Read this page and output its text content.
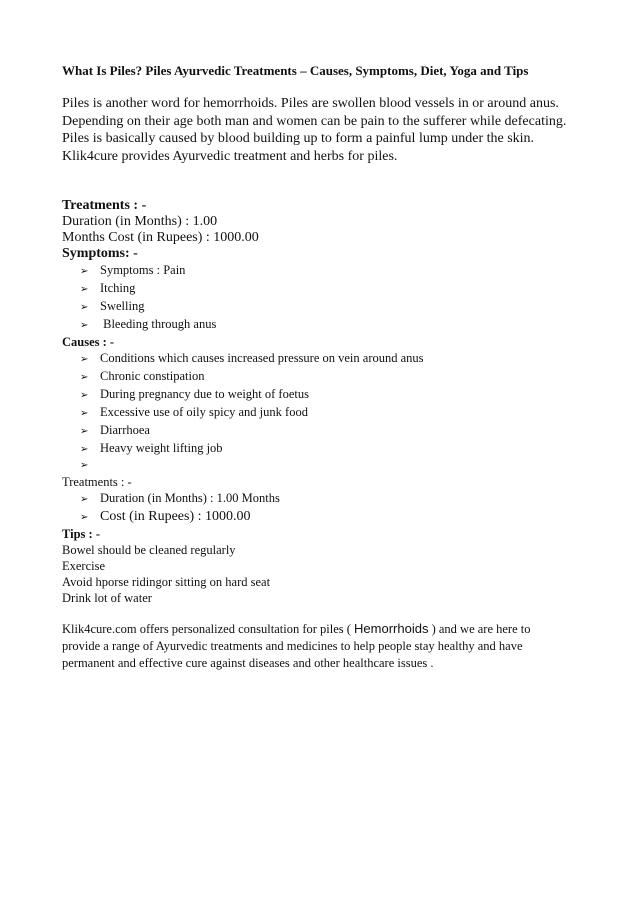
What Is Piles? Piles Ayurvedic Treatments – Causes, Symptoms, Diet, Yoga and Tips

Piles is another word for hemorrhoids. Piles are swollen blood vessels in or around anus.

Depending on their age both man and women can be pain to the sufferer while defecating.

Piles is basically caused by blood building up to form a painful lump under the skin.

Klik4cure provides Ayurvedic treatment and herbs for piles.

Treatments : -

Duration (in Months) : 1.00

Months Cost (in Rupees) : 1000.00

Symptoms: -

➢ Symptoms : Pain
➢ Itching
➢ Swelling
➢ Bleeding through anus

Causes : -

➢ Conditions which causes increased pressure on vein around anus
➢ Chronic constipation
➢ During pregnancy due to weight of foetus
➢ Excessive use of oily spicy and junk food
➢ Diarrhoea
➢ Heavy weight lifting job
➢

Treatments : -

➢ Duration (in Months) : 1.00 Months
➢ Cost (in Rupees) : 1000.00

Tips : -

Bowel should be cleaned regularly

Exercise

Avoid hporse ridingor sitting on hard seat

Drink lot of water

Klik4cure.com offers personalized consultation for piles ( Hemorrhoids ) and we are here to

provide a range of Ayurvedic treatments and medicines to help people stay healthy and have

permanent and effective cure against diseases and other healthcare issues .
